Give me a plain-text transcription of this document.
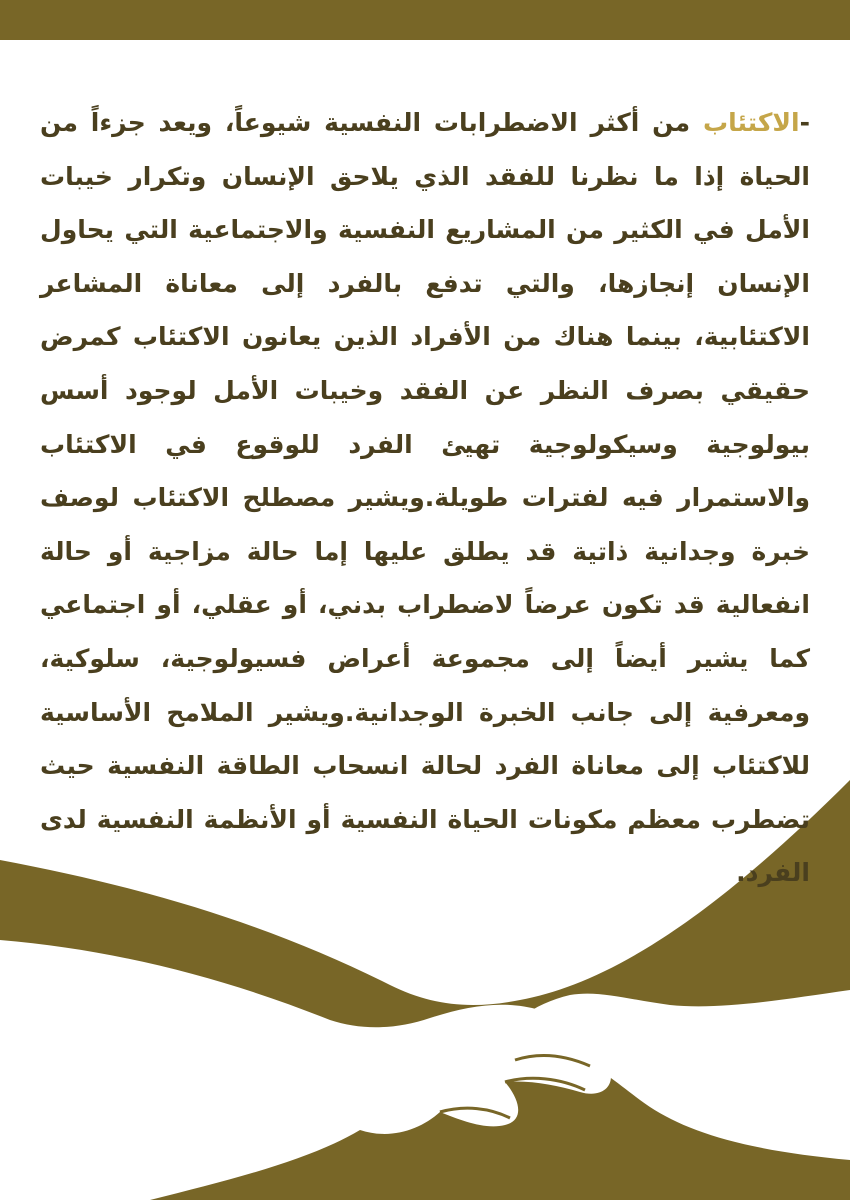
-الاكتئاب من أكثر الاضطرابات النفسية شيوعاً، ويعد جزءاً من الحياة إذا ما نظرنا للفقد الذي يلاحق الإنسان وتكرار خيبات الأمل في الكثير من المشاريع النفسية والاجتماعية التي يحاول الإنسان إنجازها، والتي تدفع بالفرد إلى معاناة المشاعر الاكتئابية، بينما هناك من الأفراد الذين يعانون الاكتئاب كمرض حقيقي بصرف النظر عن الفقد وخيبات الأمل لوجود أسس بيولوجية وسيكولوجية تهيئ الفرد للوقوع في الاكتئاب والاستمرار فيه لفترات طويلة.ويشير مصطلح الاكتئاب لوصف خبرة وجدانية ذاتية قد يطلق عليها إما حالة مزاجية أو حالة انفعالية قد تكون عرضاً لاضطراب بدني، أو عقلي، أو اجتماعي كما يشير أيضاً إلى مجموعة أعراض فسيولوجية، سلوكية، ومعرفية إلى جانب الخبرة الوجدانية.ويشير الملامح الأساسية للاكتئاب إلى معاناة الفرد لحالة انسحاب الطاقة النفسية حيث تضطرب معظم مكونات الحياة النفسية أو الأنظمة النفسية لدى الفرد.
